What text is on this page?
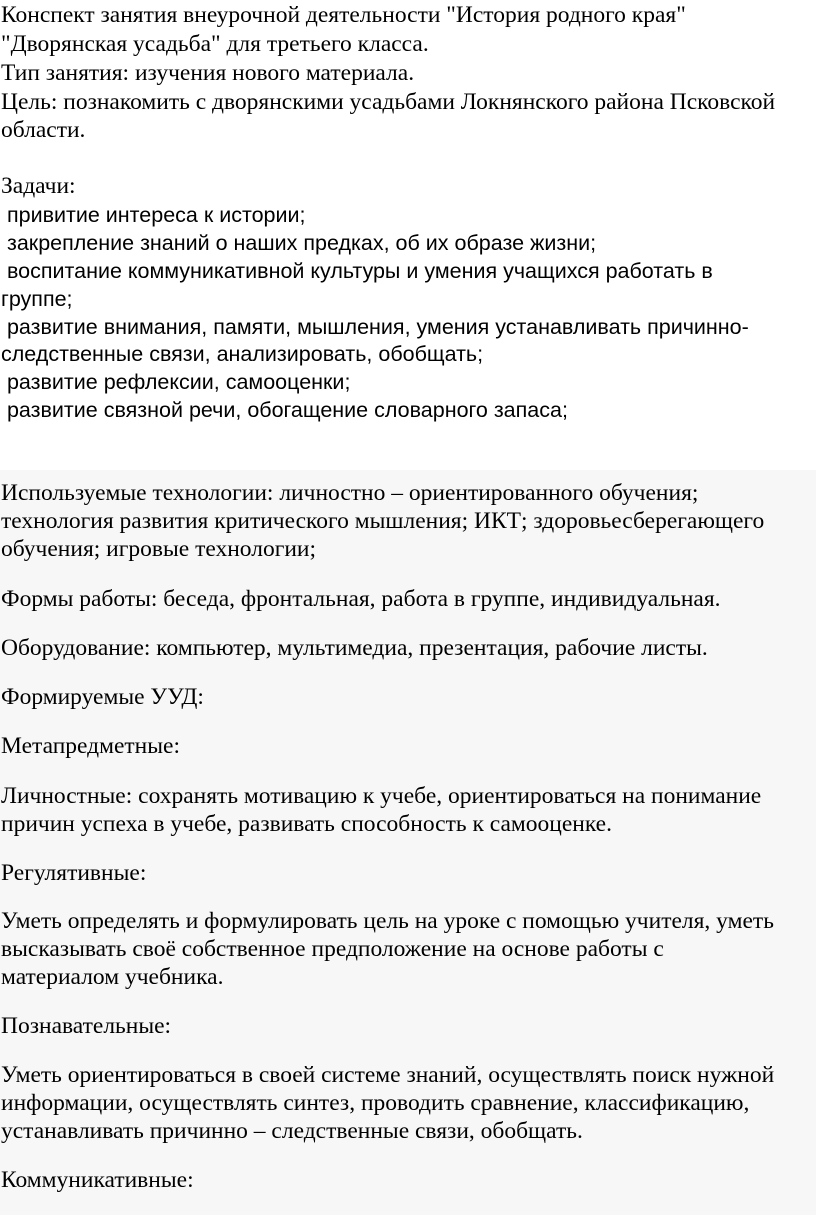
Конспект занятия внеурочной деятельности "История родного края"
"Дворянская усадьба" для третьего класса.
Тип занятия: изучения нового материала.
Цель: познакомить с дворянскими усадьбами Локнянского района Псковской
области.
Задачи:
привитие интереса к истории;
закрепление знаний о наших предках, об их образе жизни;
воспитание коммуникативной культуры и умения учащихся работать в
группе;
развитие внимания, памяти, мышления, умения устанавливать причинно-
следственные связи, анализировать, обобщать;
развитие рефлексии, самооценки;
развитие связной речи, обогащение словарного запаса;
Используемые технологии: личностно – ориентированного обучения;
технология развития критического мышления; ИКТ; здоровьесберегающего
обучения; игровые технологии;
Формы работы: беседа, фронтальная, работа в группе, индивидуальная.
Оборудование: компьютер, мультимедиа, презентация, рабочие листы.
Формируемые УУД:
Метапредметные:
Личностные: сохранять мотивацию к учебе, ориентироваться на понимание
причин успеха в учебе, развивать способность к самооценке.
Регулятивные:
Уметь определять и формулировать цель на уроке с помощью учителя, уметь
высказывать своё собственное предположение на основе работы с
материалом учебника.
Познавательные:
Уметь ориентироваться в своей системе знаний, осуществлять поиск нужной
информации, осуществлять синтез, проводить сравнение, классификацию,
устанавливать причинно – следственные связи, обобщать.
Коммуникативные:
